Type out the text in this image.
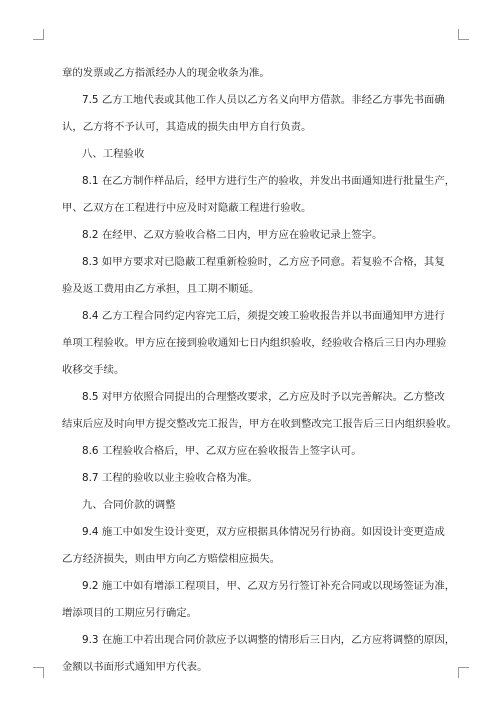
章的发票或乙方指派经办人的现金收条为准。
7.5 乙方工地代表或其他工作人员以乙方名义向甲方借款。非经乙方事先书面确
认，乙方将不予认可，其造成的损失由甲方自行负责。
八、工程验收
8.1 在乙方制作样品后，经甲方进行生产的验收，并发出书面通知进行批量生产，
甲、乙双方在工程进行中应及时对隐蔽工程进行验收。
8.2 在经甲、乙双方验收合格二日内，甲方应在验收记录上签字。
8.3 如甲方要求对已隐蔽工程重新检验时，乙方应予同意。若复验不合格，其复
验及返工费用由乙方承担，且工期不顺延。
8.4 乙方工程合同约定内容完工后，须提交竣工验收报告并以书面通知甲方进行
单项工程验收。甲方应在接到验收通知七日内组织验收，经验收合格后三日内办理验
收移交手续。
8.5 对甲方依照合同提出的合理整改要求，乙方应及时予以完善解决。乙方整改
结束后应及时向甲方提交整改完工报告，甲方在收到整改完工报告后三日内组织验收。
8.6 工程验收合格后，甲、乙双方应在验收报告上签字认可。
8.7 工程的验收以业主验收合格为准。
九、合同价款的调整
9.4 施工中如发生设计变更，双方应根据具体情况另行协商。如因设计变更造成
乙方经济损失，则由甲方向乙方赔偿相应损失。
9.2 施工中如有增添工程项目，甲、乙双方另行签订补充合同或以现场签证为准，
增添项目的工期应另行确定。
9.3 在施工中若出现合同价款应予以调整的情形后三日内，乙方应将调整的原因，
金额以书面形式通知甲方代表。
